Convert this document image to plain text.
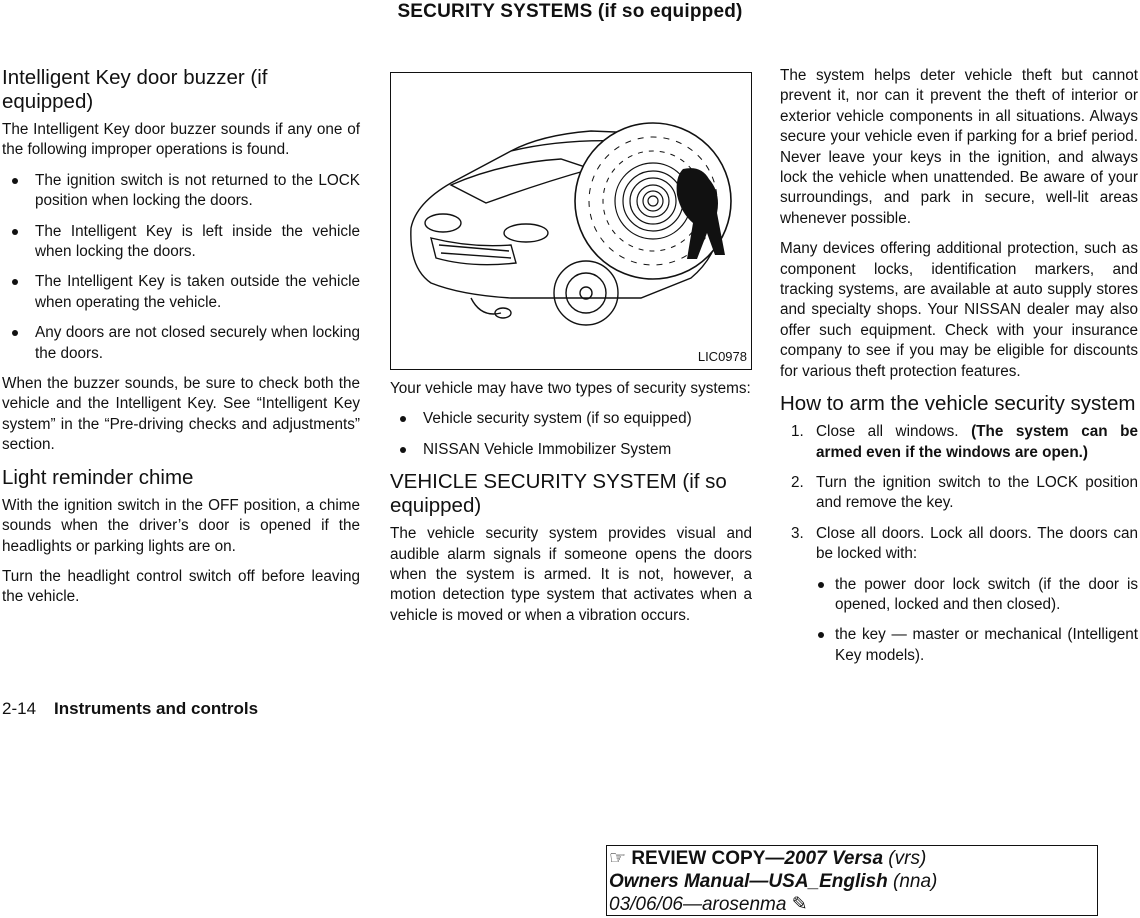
SECURITY SYSTEMS (if so equipped)
Intelligent Key door buzzer (if equipped)

The Intelligent Key door buzzer sounds if any one of the following improper operations is found.

The ignition switch is not returned to the LOCK position when locking the doors.
The Intelligent Key is left inside the vehicle when locking the doors.
The Intelligent Key is taken outside the vehicle when operating the vehicle.
Any doors are not closed securely when locking the doors.

When the buzzer sounds, be sure to check both the vehicle and the Intelligent Key. See “Intelligent Key system” in the “Pre-driving checks and adjustments” section.

Light reminder chime

With the ignition switch in the OFF position, a chime sounds when the driver’s door is opened if the headlights or parking lights are on.

Turn the headlight control switch off before leaving the vehicle.

LIC0978

Your vehicle may have two types of security systems:

Vehicle security system (if so equipped)
NISSAN Vehicle Immobilizer System
VEHICLE SECURITY SYSTEM (if so equipped)

The vehicle security system provides visual and audible alarm signals if someone opens the doors when the system is armed. It is not, however, a motion detection type system that activates when a vehicle is moved or when a vibration occurs.

The system helps deter vehicle theft but cannot prevent it, nor can it prevent the theft of interior or exterior vehicle components in all situations. Always secure your vehicle even if parking for a brief period. Never leave your keys in the ignition, and always lock the vehicle when unattended. Be aware of your surroundings, and park in secure, well-lit areas whenever possible.

Many devices offering additional protection, such as component locks, identification markers, and tracking systems, are available at auto supply stores and specialty shops. Your NISSAN dealer may also offer such equipment. Check with your insurance company to see if you may be eligible for discounts for various theft protection features.

How to arm the vehicle security system
1. Close all windows. (The system can be armed even if the windows are open.)
2. Turn the ignition switch to the LOCK position and remove the key.
3. Close all doors. Lock all doors. The doors can be locked with:
the power door lock switch (if the door is opened, locked and then closed).
the key — master or mechanical (Intelligent Key models).
2-14 Instruments and controls
☞ REVIEW COPY—2007 Versa (vrs)
Owners Manual—USA_English (nna)
03/06/06—arosenma ✎
